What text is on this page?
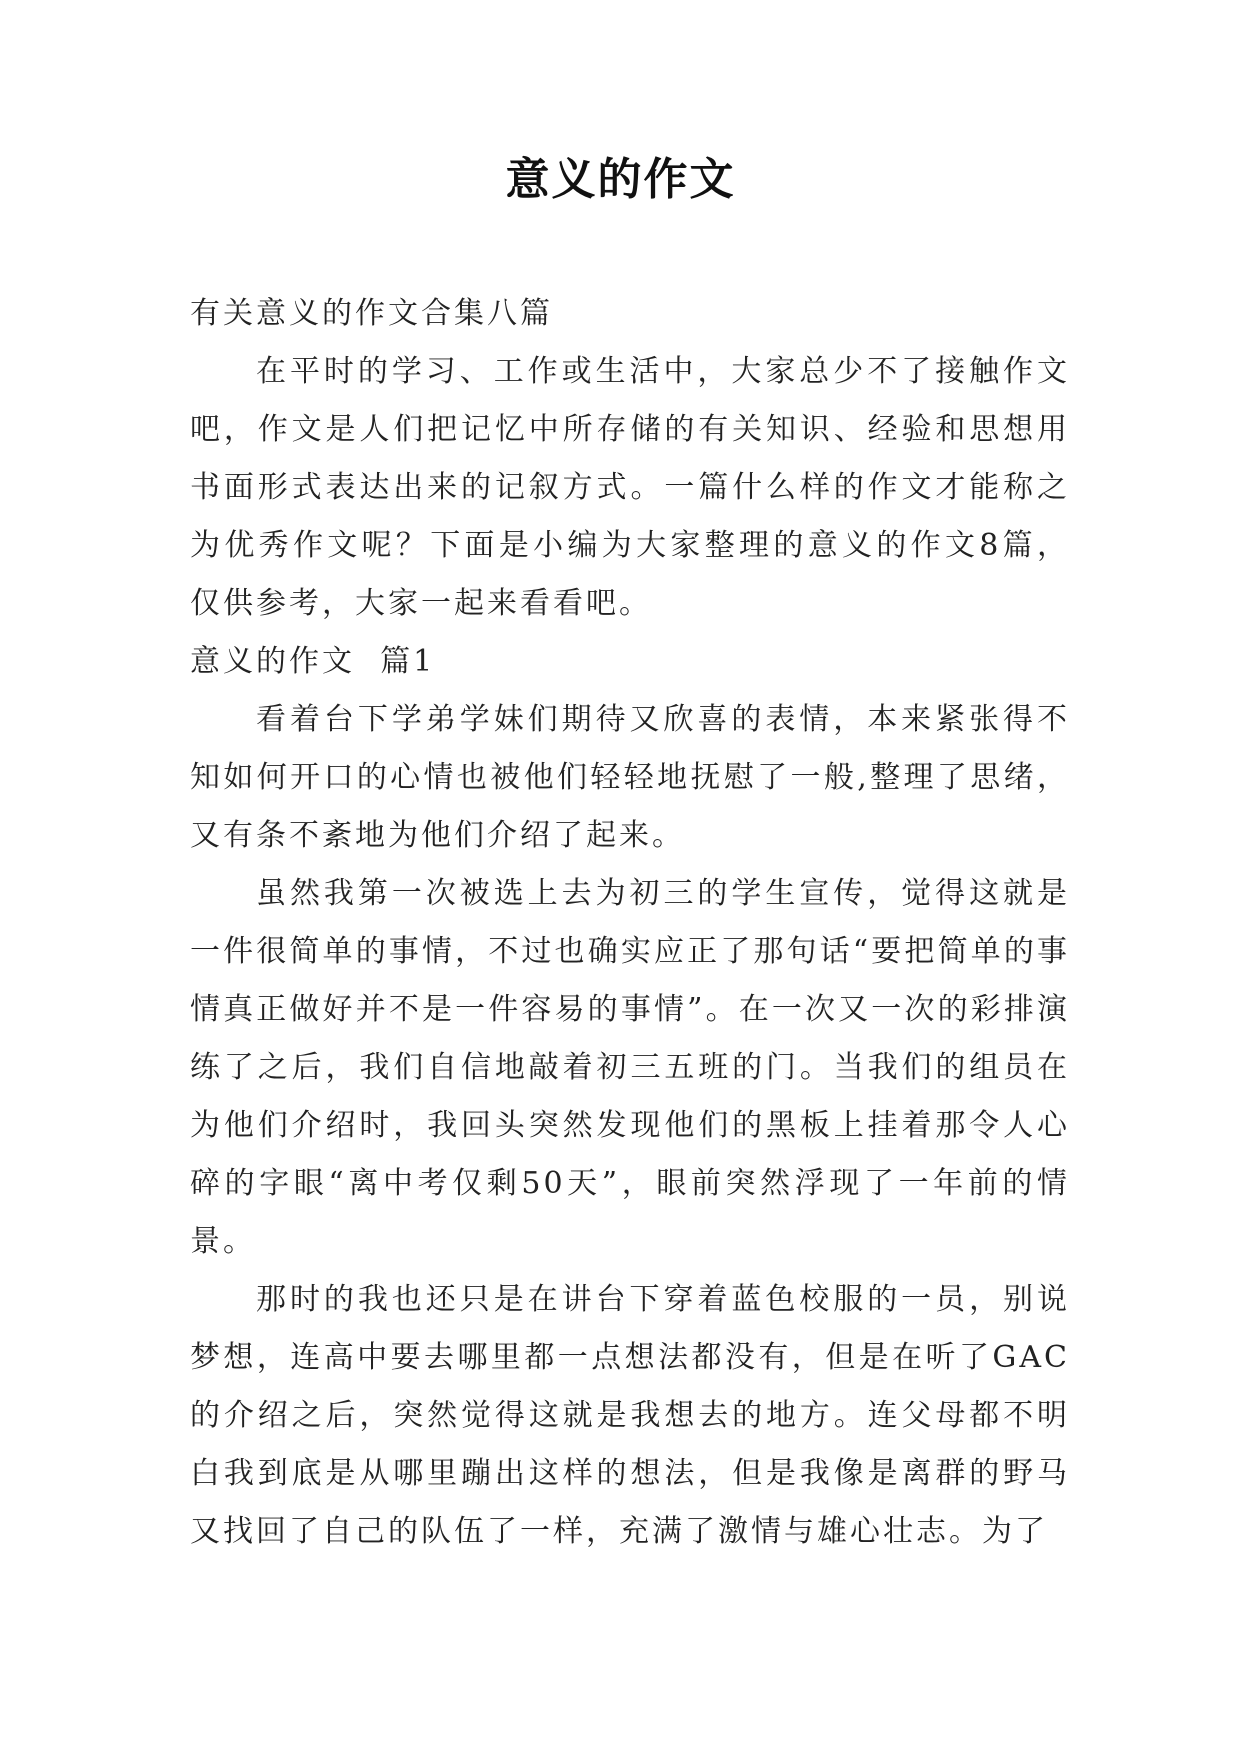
意义的作文

有关意义的作文合集八篇

在平时的学习、工作或生活中，大家总少不了接触作文吧，作文是人们把记忆中所存储的有关知识、经验和思想用书面形式表达出来的记叙方式。一篇什么样的作文才能称之为优秀作文呢？下面是小编为大家整理的意义的作文8篇，仅供参考，大家一起来看看吧。

意义的作文  篇1

看着台下学弟学妹们期待又欣喜的表情，本来紧张得不知如何开口的心情也被他们轻轻地抚慰了一般,整理了思绪，又有条不紊地为他们介绍了起来。

虽然我第一次被选上去为初三的学生宣传，觉得这就是一件很简单的事情，不过也确实应正了那句话“要把简单的事情真正做好并不是一件容易的事情”。在一次又一次的彩排演练了之后，我们自信地敲着初三五班的门。当我们的组员在为他们介绍时，我回头突然发现他们的黑板上挂着那令人心碎的字眼“离中考仅剩50天”，眼前突然浮现了一年前的情景。

那时的我也还只是在讲台下穿着蓝色校服的一员，别说梦想，连高中要去哪里都一点想法都没有，但是在听了GAC的介绍之后，突然觉得这就是我想去的地方。连父母都不明白我到底是从哪里蹦出这样的想法，但是我像是离群的野马又找回了自己的队伍了一样，充满了激情与雄心壮志。为了
